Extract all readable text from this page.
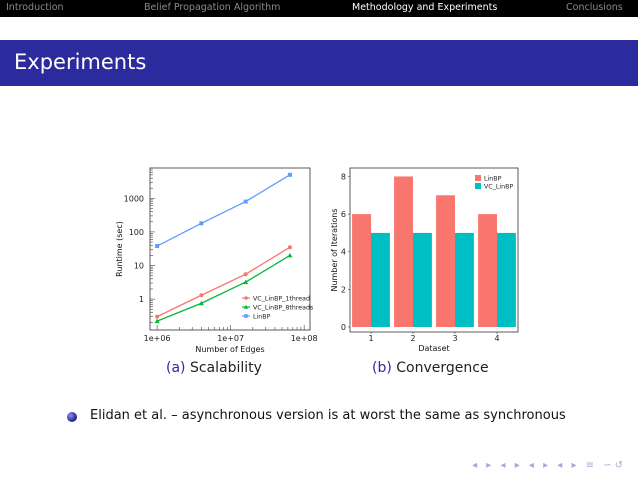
Introduction	Belief Propagation Algorithm	Methodology and Experiments	Conclusions
Experiments
1e+06	1e+07	1e+08
1
10
100
1000
VC_LinBP_1thread
VC_LinBP_8threads
LinBP
Number of Edges
Runtime (sec)
1	2	3	4
0
2
4
6
8	LinBP
VC_LinBP
Dataset
Number of Iterations
(a) Scalability	(b) Convergence
Elidan et al. – asynchronous version is at worst the same as synchronous
◂ ▸ ◂ ▸ ◂ ▸ ◂ ▸ ≡ ∽↺
